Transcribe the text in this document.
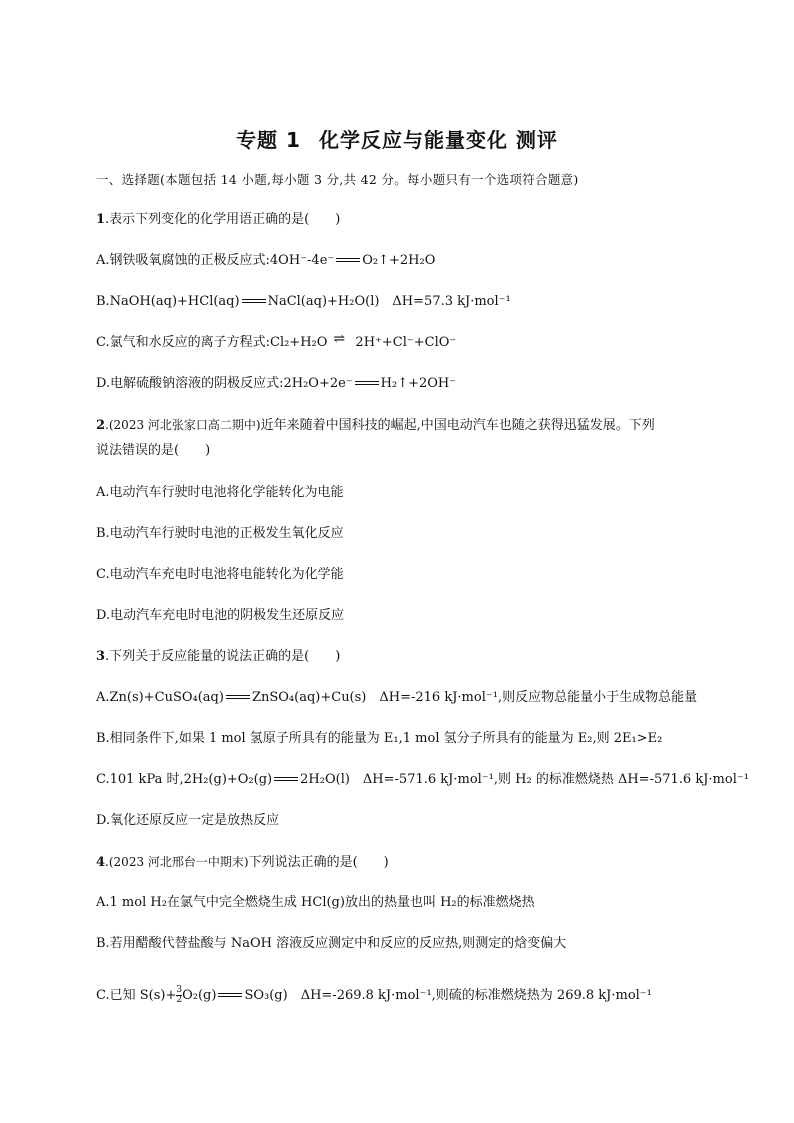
专题 1 化学反应与能量变化 测评
一、选择题(本题包括 14 小题,每小题 3 分,共 42 分。每小题只有一个选项符合题意)
1.表示下列变化的化学用语正确的是(　　)
A.钢铁吸氧腐蚀的正极反应式:4OH⁻-4e⁻ O₂↑+2H₂O
B.NaOH(aq)+HCl(aq) NaCl(aq)+H₂O(l)　ΔH=57.3 kJ·mol⁻¹
C.氯气和水反应的离子方程式:Cl₂+H₂O ⇌ 2H⁺+Cl⁻+ClO⁻
D.电解硫酸钠溶液的阴极反应式:2H₂O+2e⁻ H₂↑+2OH⁻
2.(2023 河北张家口高二期中)近年来随着中国科技的崛起,中国电动汽车也随之获得迅猛发展。下列
说法错误的是(　　)
A.电动汽车行驶时电池将化学能转化为电能
B.电动汽车行驶时电池的正极发生氧化反应
C.电动汽车充电时电池将电能转化为化学能
D.电动汽车充电时电池的阴极发生还原反应
3.下列关于反应能量的说法正确的是(　　)
A.Zn(s)+CuSO₄(aq) ZnSO₄(aq)+Cu(s)　ΔH=-216 kJ·mol⁻¹,则反应物总能量小于生成物总能量
B.相同条件下,如果 1 mol 氢原子所具有的能量为 E₁,1 mol 氢分子所具有的能量为 E₂,则 2E₁>E₂
C.101 kPa 时,2H₂(g)+O₂(g) 2H₂O(l)　ΔH=-571.6 kJ·mol⁻¹,则 H₂ 的标准燃烧热 ΔH=-571.6 kJ·mol⁻¹
D.氧化还原反应一定是放热反应
4.(2023 河北邢台一中期末)下列说法正确的是(　　)
A.1 mol H₂在氯气中完全燃烧生成 HCl(g)放出的热量也叫 H₂的标准燃烧热
B.若用醋酸代替盐酸与 NaOH 溶液反应测定中和反应的反应热,则测定的焓变偏大
C.已知 $S(s)+ \frac{3}{2} O_2(g)$ SO₃(g)　ΔH=-269.8 kJ·mol⁻¹,则硫的标准燃烧热为 269.8 kJ·mol⁻¹
